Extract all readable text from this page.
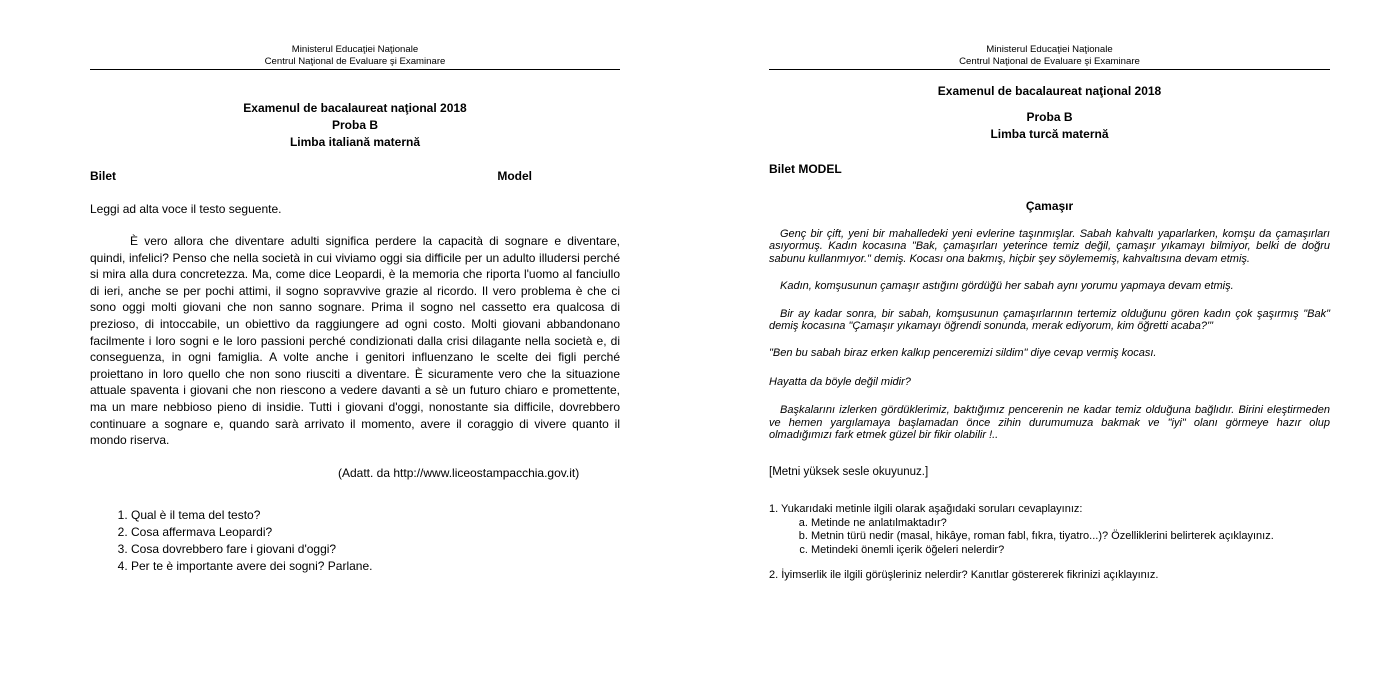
Ministerul Educaţiei Naţionale
Centrul Naţional de Evaluare şi Examinare
Examenul de bacalaureat naţional 2018
Proba B
Limba italiană maternă
Bilet	Model
Leggi ad alta voce il testo seguente.

È vero allora che diventare adulti significa perdere la capacità di sognare e diventare, quindi, infelici? Penso che nella società in cui viviamo oggi sia difficile per un adulto illudersi perché si mira alla dura concretezza. Ma, come dice Leopardi, è la memoria che riporta l'uomo al fanciullo di ieri, anche se per pochi attimi, il sogno sopravvive grazie al ricordo. Il vero problema è che ci sono oggi molti giovani che non sanno sognare. Prima il sogno nel cassetto era qualcosa di prezioso, di intoccabile, un obiettivo da raggiungere ad ogni costo. Molti giovani abbandonano facilmente i loro sogni e le loro passioni perché condizionati dalla crisi dilagante nella società e, di conseguenza, in ogni famiglia. A volte anche i genitori influenzano le scelte dei figli perché proiettano in loro quello che non sono riusciti a diventare. È sicuramente vero che la situazione attuale spaventa i giovani che non riescono a vedere davanti a sè un futuro chiaro e promettente, ma un mare nebbioso pieno di insidie. Tutti i giovani d'oggi, nonostante sia difficile, dovrebbero continuare a sognare e, quando sarà arrivato il momento, avere il coraggio di vivere quanto il mondo riserva.

(Adatt. da http://www.liceostampacchia.gov.it)
1. Qual è il tema del testo?
2. Cosa affermava Leopardi?
3. Cosa dovrebbero fare i giovani d'oggi?
4. Per te è importante avere dei sogni? Parlane.
Ministerul Educaţiei Naţionale
Centrul Naţional de Evaluare şi Examinare
Examenul de bacalaureat naţional 2018
Proba B
Limba turcă maternă
Bilet MODEL
Çamaşır

Genç bir çift, yeni bir mahalledeki yeni evlerine taşınmışlar. Sabah kahvaltı yaparlarken, komşu da çamaşırları asıyormuş. Kadın kocasına "Bak, çamaşırları yeterince temiz değil, çamaşır yıkamayı bilmiyor, belki de doğru sabunu kullanmıyor." demiş. Kocası ona bakmış, hiçbir şey söylememiş, kahvaltısına devam etmiş.

Kadın, komşusunun çamaşır astığını gördüğü her sabah aynı yorumu yapmaya devam etmiş.

Bir ay kadar sonra, bir sabah, komşusunun çamaşırlarının tertemiz olduğunu gören kadın çok şaşırmış "Bak" demiş kocasına "Çamaşır yıkamayı öğrendi sonunda, merak ediyorum, kim öğretti acaba?'"

"Ben bu sabah biraz erken kalkıp penceremizi sildim" diye cevap vermiş kocası.

Hayatta da böyle değil midir?

Başkalarını izlerken gördüklerimiz, baktığımız pencerenin ne kadar temiz olduğuna bağlıdır. Birini eleştirmeden ve hemen yargılamaya başlamadan önce zihin durumumuza bakmak ve "iyi" olanı görmeye hazır olup olmadığımızı fark etmek güzel bir fikir olabilir !..

[Metni yüksek sesle okuyunuz.]
1. Yukarıdaki metinle ilgili olarak aşağıdaki soruları cevaplayınız:
a. Metinde ne anlatılmaktadır?
b. Metnin türü nedir (masal, hikâye, roman fabl, fıkra, tiyatro...)? Özelliklerini belirterek açıklayınız.
c. Metindeki önemli içerik öğeleri nelerdir?
2. İyimserlik ile ilgili görüşleriniz nelerdir? Kanıtlar göstererek fikrinizi açıklayınız.
